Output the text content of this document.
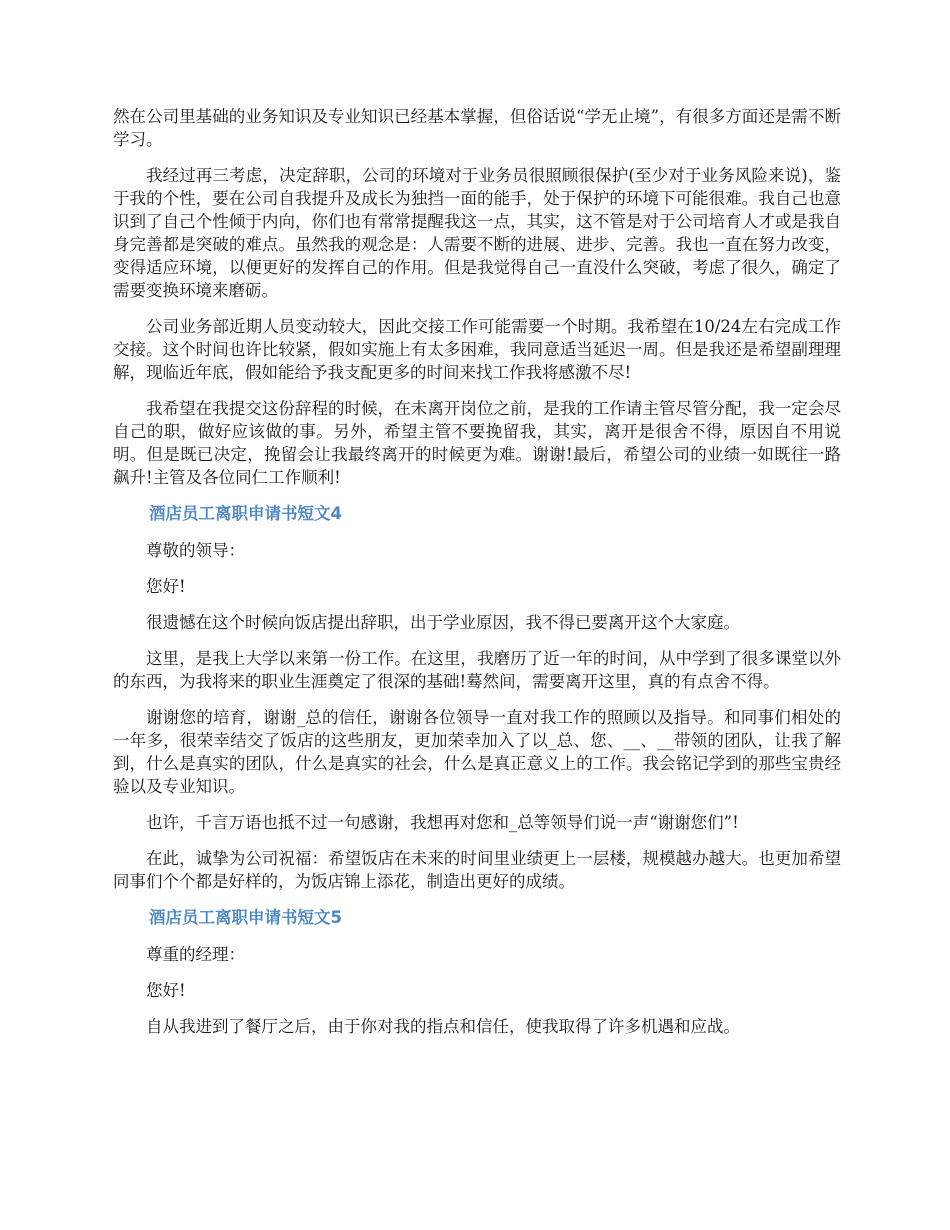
然在公司里基础的业务知识及专业知识已经基本掌握，但俗话说“学无止境”，有很多方面还是需不断学习。

我经过再三考虑，决定辞职，公司的环境对于业务员很照顾很保护(至少对于业务风险来说)，鉴于我的个性，要在公司自我提升及成长为独挡一面的能手，处于保护的环境下可能很难。我自己也意识到了自己个性倾于内向，你们也有常常提醒我这一点，其实，这不管是对于公司培育人才或是我自身完善都是突破的难点。虽然我的观念是：人需要不断的进展、进步、完善。我也一直在努力改变，变得适应环境，以便更好的发挥自己的作用。但是我觉得自己一直没什么突破，考虑了很久，确定了需要变换环境来磨砺。

公司业务部近期人员变动较大，因此交接工作可能需要一个时期。我希望在10/24左右完成工作交接。这个时间也许比较紧，假如实施上有太多困难，我同意适当延迟一周。但是我还是希望副理理解，现临近年底，假如能给予我支配更多的时间来找工作我将感激不尽!

我希望在我提交这份辞程的时候，在未离开岗位之前，是我的工作请主管尽管分配，我一定会尽自己的职，做好应该做的事。另外，希望主管不要挽留我，其实，离开是很舍不得，原因自不用说明。但是既已决定，挽留会让我最终离开的时候更为难。谢谢!最后，希望公司的业绩一如既往一路飙升!主管及各位同仁工作顺利!

酒店员工离职申请书短文4

尊敬的领导：

您好!

很遗憾在这个时候向饭店提出辞职，出于学业原因，我不得已要离开这个大家庭。

这里，是我上大学以来第一份工作。在这里，我磨历了近一年的时间，从中学到了很多课堂以外的东西，为我将来的职业生涯奠定了很深的基础!蓦然间，需要离开这里，真的有点舍不得。

谢谢您的培育，谢谢_总的信任，谢谢各位领导一直对我工作的照顾以及指导。和同事们相处的一年多，很荣幸结交了饭店的这些朋友，更加荣幸加入了以_总、您、__、__带领的团队，让我了解到，什么是真实的团队，什么是真实的社会，什么是真正意义上的工作。我会铭记学到的那些宝贵经验以及专业知识。

也许，千言万语也抵不过一句感谢，我想再对您和_总等领导们说一声“谢谢您们”!

在此，诚挚为公司祝福：希望饭店在未来的时间里业绩更上一层楼，规模越办越大。也更加希望同事们个个都是好样的，为饭店锦上添花，制造出更好的成绩。

酒店员工离职申请书短文5

尊重的经理：

您好!

自从我进到了餐厅之后，由于你对我的指点和信任，使我取得了许多机遇和应战。
